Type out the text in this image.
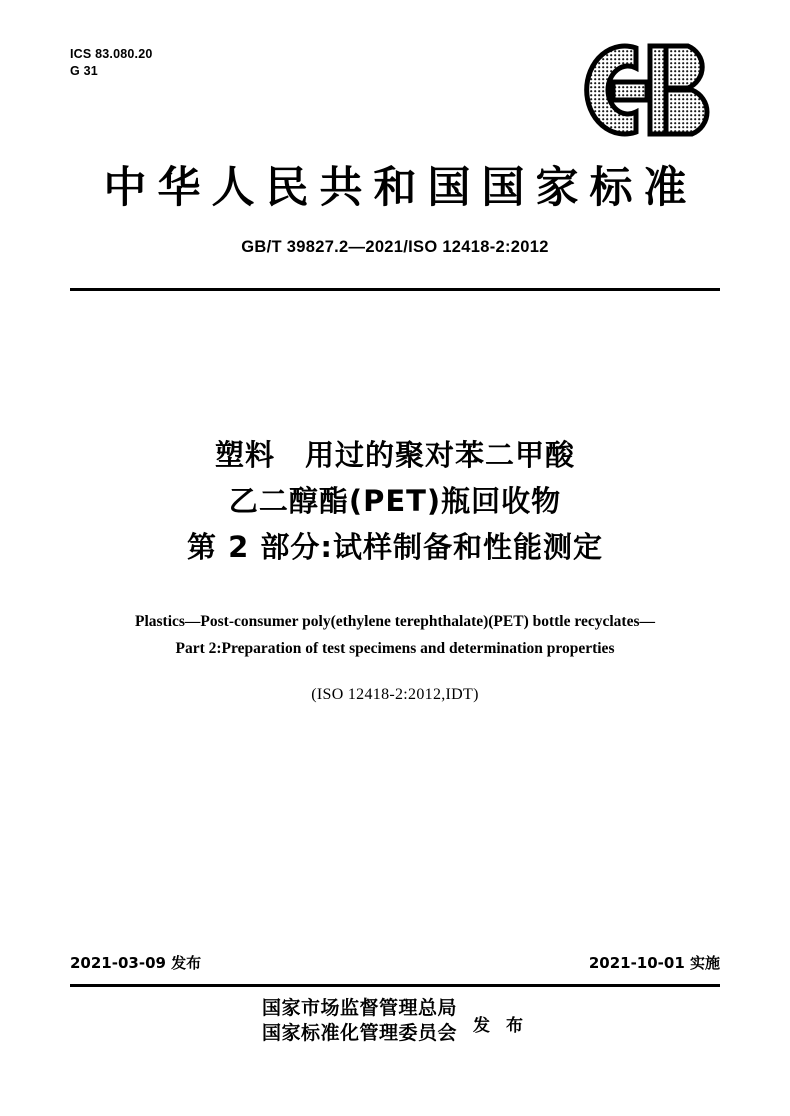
ICS 83.080.20
G 31
中华人民共和国国家标准
GB/T 39827.2—2021/ISO 12418-2:2012
塑料　用过的聚对苯二甲酸
乙二醇酯(PET)瓶回收物
第 2 部分:试样制备和性能测定
Plastics—Post-consumer poly(ethylene terephthalate)(PET) bottle recyclates—
Part 2:Preparation of test specimens and determination properties
(ISO 12418-2:2012,IDT)
2021-03-09 发布	2021-10-01 实施
国家市场监督管理总局
国家标准化管理委员会 发 布
